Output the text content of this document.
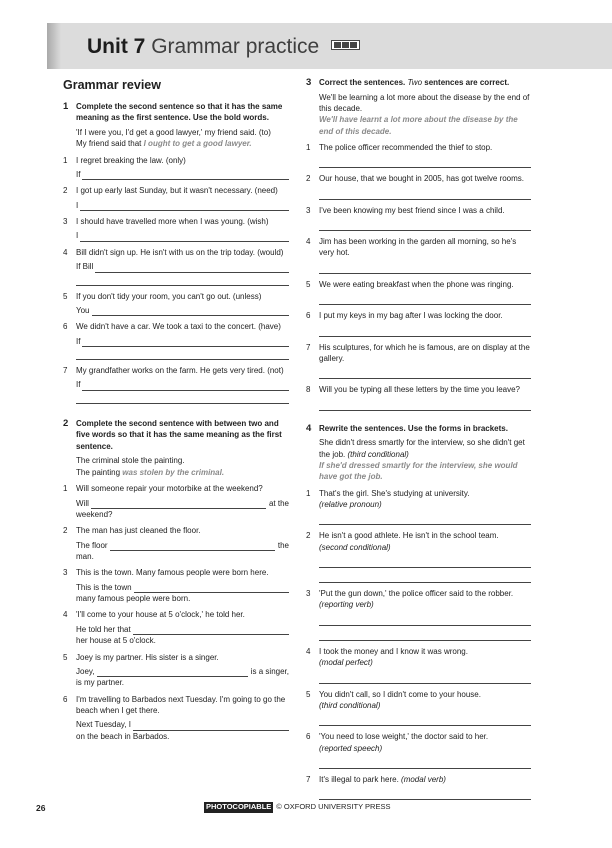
Unit 7 Grammar practice
Grammar review
1 Complete the second sentence so that it has the same meaning as the first sentence. Use the bold words.
'If I were you, I'd get a good lawyer,' my friend said. (to)
My friend said that I ought to get a good lawyer.
1	I regret breaking the law. (only)
If
2	I got up early last Sunday, but it wasn't necessary. (need)
I
3	I should have travelled more when I was young. (wish)
I
4	Bill didn't sign up. He isn't with us on the trip today. (would)
If Bill
5	If you don't tidy your room, you can't go out. (unless)
You
6	We didn't have a car. We took a taxi to the concert. (have)
If
7	My grandfather works on the farm. He gets very tired. (not)
If
2 Complete the second sentence with between two and five words so that it has the same meaning as the first sentence.
The criminal stole the painting.
The painting was stolen by the criminal.
1	Will someone repair your motorbike at the weekend?
Will	at the
weekend?
2	The man has just cleaned the floor.
The floor	the
man.
3	This is the town. Many famous people were born here.
This is the town
many famous people were born.
4	'I'll come to your house at 5 o'clock,' he told her.
He told her that
her house at 5 o'clock.
5	Joey is my partner. His sister is a singer.
Joey,	is a singer,
is my partner.
6	I'm travelling to Barbados next Tuesday. I'm going to go the beach when I get there.
Next Tuesday, I
on the beach in Barbados.
3 Correct the sentences. Two sentences are correct.
We'll be learning a lot more about the disease by the end of this decade.
We'll have learnt a lot more about the disease by the end of this decade.
1	The police officer recommended the thief to stop.
2	Our house, that we bought in 2005, has got twelve rooms.
3	I've been knowing my best friend since I was a child.
4	Jim has been working in the garden all morning, so he's very hot.
5	We were eating breakfast when the phone was ringing.
6	I put my keys in my bag after I was locking the door.
7	His sculptures, for which he is famous, are on display at the gallery.
8	Will you be typing all these letters by the time you leave?
4 Rewrite the sentences. Use the forms in brackets.
She didn't dress smartly for the interview, so she didn't get the job. (third conditional)
If she'd dressed smartly for the interview, she would have got the job.
1	That's the girl. She's studying at university.
(relative pronoun)
2	He isn't a good athlete. He isn't in the school team.
(second conditional)
3	'Put the gun down,' the police officer said to the robber.
(reporting verb)
4	I took the money and I know it was wrong.
(modal perfect)
5	You didn't call, so I didn't come to your house.
(third conditional)
6	'You need to lose weight,' the doctor said to her.
(reported speech)
7	It's illegal to park here. (modal verb)
26	PHOTOCOPIABLE © OXFORD UNIVERSITY PRESS
